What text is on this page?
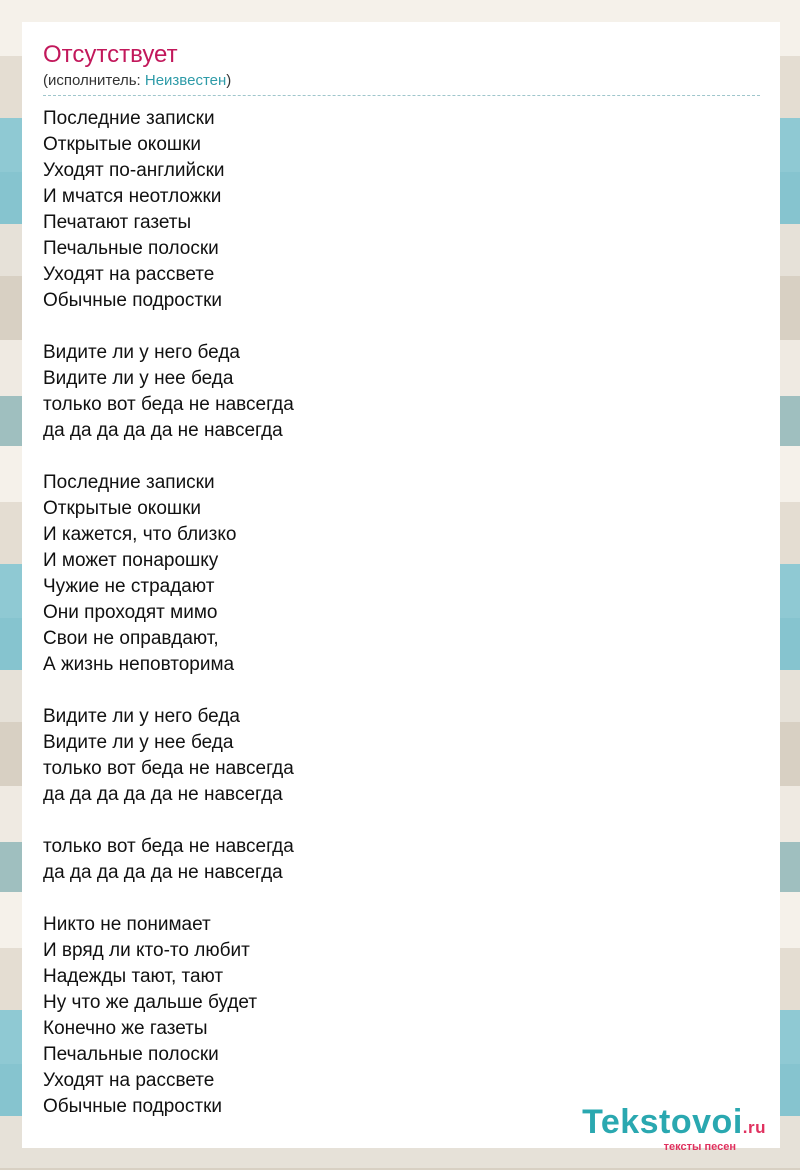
Отсутствует
(исполнитель: Неизвестен)
Последние записки
Открытые окошки
Уходят по-английски
И мчатся неотложки
Печатают газеты
Печальные полоски
Уходят на рассвете
Обычные подростки
Видите ли у него беда
Видите ли у нее беда
только вот беда не навсегда
да да да да да не навсегда
Последние записки
Открытые окошки
И кажется, что близко
И может понарошку
Чужие не страдают
Они проходят мимо
Свои не оправдают,
А жизнь неповторима
Видите ли у него беда
Видите ли у нее беда
только вот беда не навсегда
да да да да да не навсегда
только вот беда не навсегда
да да да да да не навсегда
Никто не понимает
И вряд ли кто-то любит
Надежды тают, тают
Ну что же дальше будет
Конечно же газеты
Печальные полоски
Уходят на рассвете
Обычные подростки	Tekstovoi.ru
тексты песен
